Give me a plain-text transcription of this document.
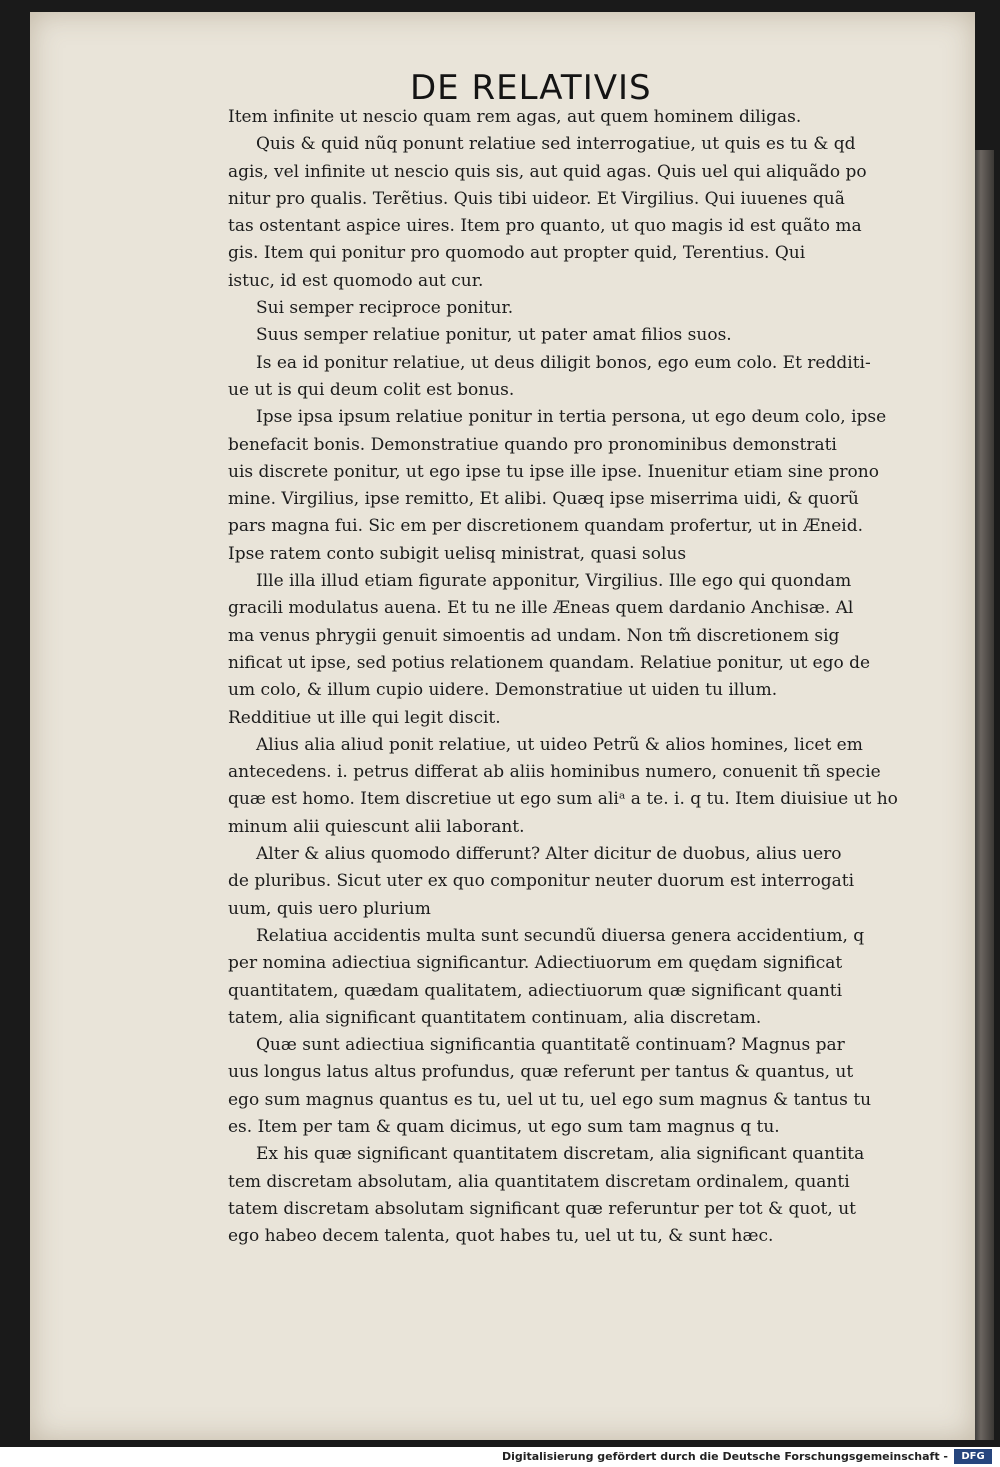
DE RELATIVIS
Item infinite ut nescio quam rem agas, aut quem hominem diligas.
Quis & quid nũq ponunt relatiue sed interrogatiue, ut quis es tu & qd
agis, vel infinite ut nescio quis sis, aut quid agas. Quis uel qui aliquãdo po
nitur pro qualis. Terẽtius. Quis tibi uideor. Et Virgilius. Qui iuuenes quã
tas ostentant aspice uires. Item pro quanto, ut quo magis id est quãto ma
gis. Item qui ponitur pro quomodo aut propter quid, Terentius. Qui
istuc, id est quomodo aut cur.
Sui semper reciproce ponitur.
Suus semper relatiue ponitur, ut pater amat filios suos.
Is ea id ponitur relatiue, ut deus diligit bonos, ego eum colo. Et redditi-
ue ut is qui deum colit est bonus.
Ipse ipsa ipsum relatiue ponitur in tertia persona, ut ego deum colo, ipse
benefacit bonis. Demonstratiue quando pro pronominibus demonstrati
uis discrete ponitur, ut ego ipse tu ipse ille ipse. Inuenitur etiam sine prono
mine. Virgilius, ipse remitto, Et alibi. Quæq ipse miserrima uidi, & quorũ
pars magna fui. Sic em per discretionem quandam profertur, ut in Æneid.
Ipse ratem conto subigit uelisq ministrat, quasi solus
Ille illa illud etiam figurate apponitur, Virgilius. Ille ego qui quondam
gracili modulatus auena. Et tu ne ille Æneas quem dardanio Anchisæ. Al
ma venus phrygii genuit simoentis ad undam. Non tm̃ discretionem sig
nificat ut ipse, sed potius relationem quandam. Relatiue ponitur, ut ego de
um colo, & illum cupio uidere. Demonstratiue ut uiden tu illum.
Redditiue ut ille qui legit discit.
Alius alia aliud ponit relatiue, ut uideo Petrũ & alios homines, licet em
antecedens. i. petrus differat ab aliis hominibus numero, conuenit tñ specie
quæ est homo. Item discretiue ut ego sum aliᵃ a te. i. q tu. Item diuisiue ut ho
minum alii quiescunt alii laborant.
Alter & alius quomodo differunt? Alter dicitur de duobus, alius uero
de pluribus. Sicut uter ex quo componitur neuter duorum est interrogati
uum, quis uero plurium
Relatiua accidentis multa sunt secundũ diuersa genera accidentium, q
per nomina adiectiua significantur. Adiectiuorum em quędam significat
quantitatem, quædam qualitatem, adiectiuorum quæ significant quanti
tatem, alia significant quantitatem continuam, alia discretam.
Quæ sunt adiectiua significantia quantitatẽ continuam? Magnus par
uus longus latus altus profundus, quæ referunt per tantus & quantus, ut
ego sum magnus quantus es tu, uel ut tu, uel ego sum magnus & tantus tu
es. Item per tam & quam dicimus, ut ego sum tam magnus q tu.
Ex his quæ significant quantitatem discretam, alia significant quantita
tem discretam absolutam, alia quantitatem discretam ordinalem, quanti
tatem discretam absolutam significant quæ referuntur per tot & quot, ut
ego habeo decem talenta, quot habes tu, uel ut tu, & sunt hæc.
Digitalisierung gefördert durch die Deutsche Forschungsgemeinschaft -	DFG
